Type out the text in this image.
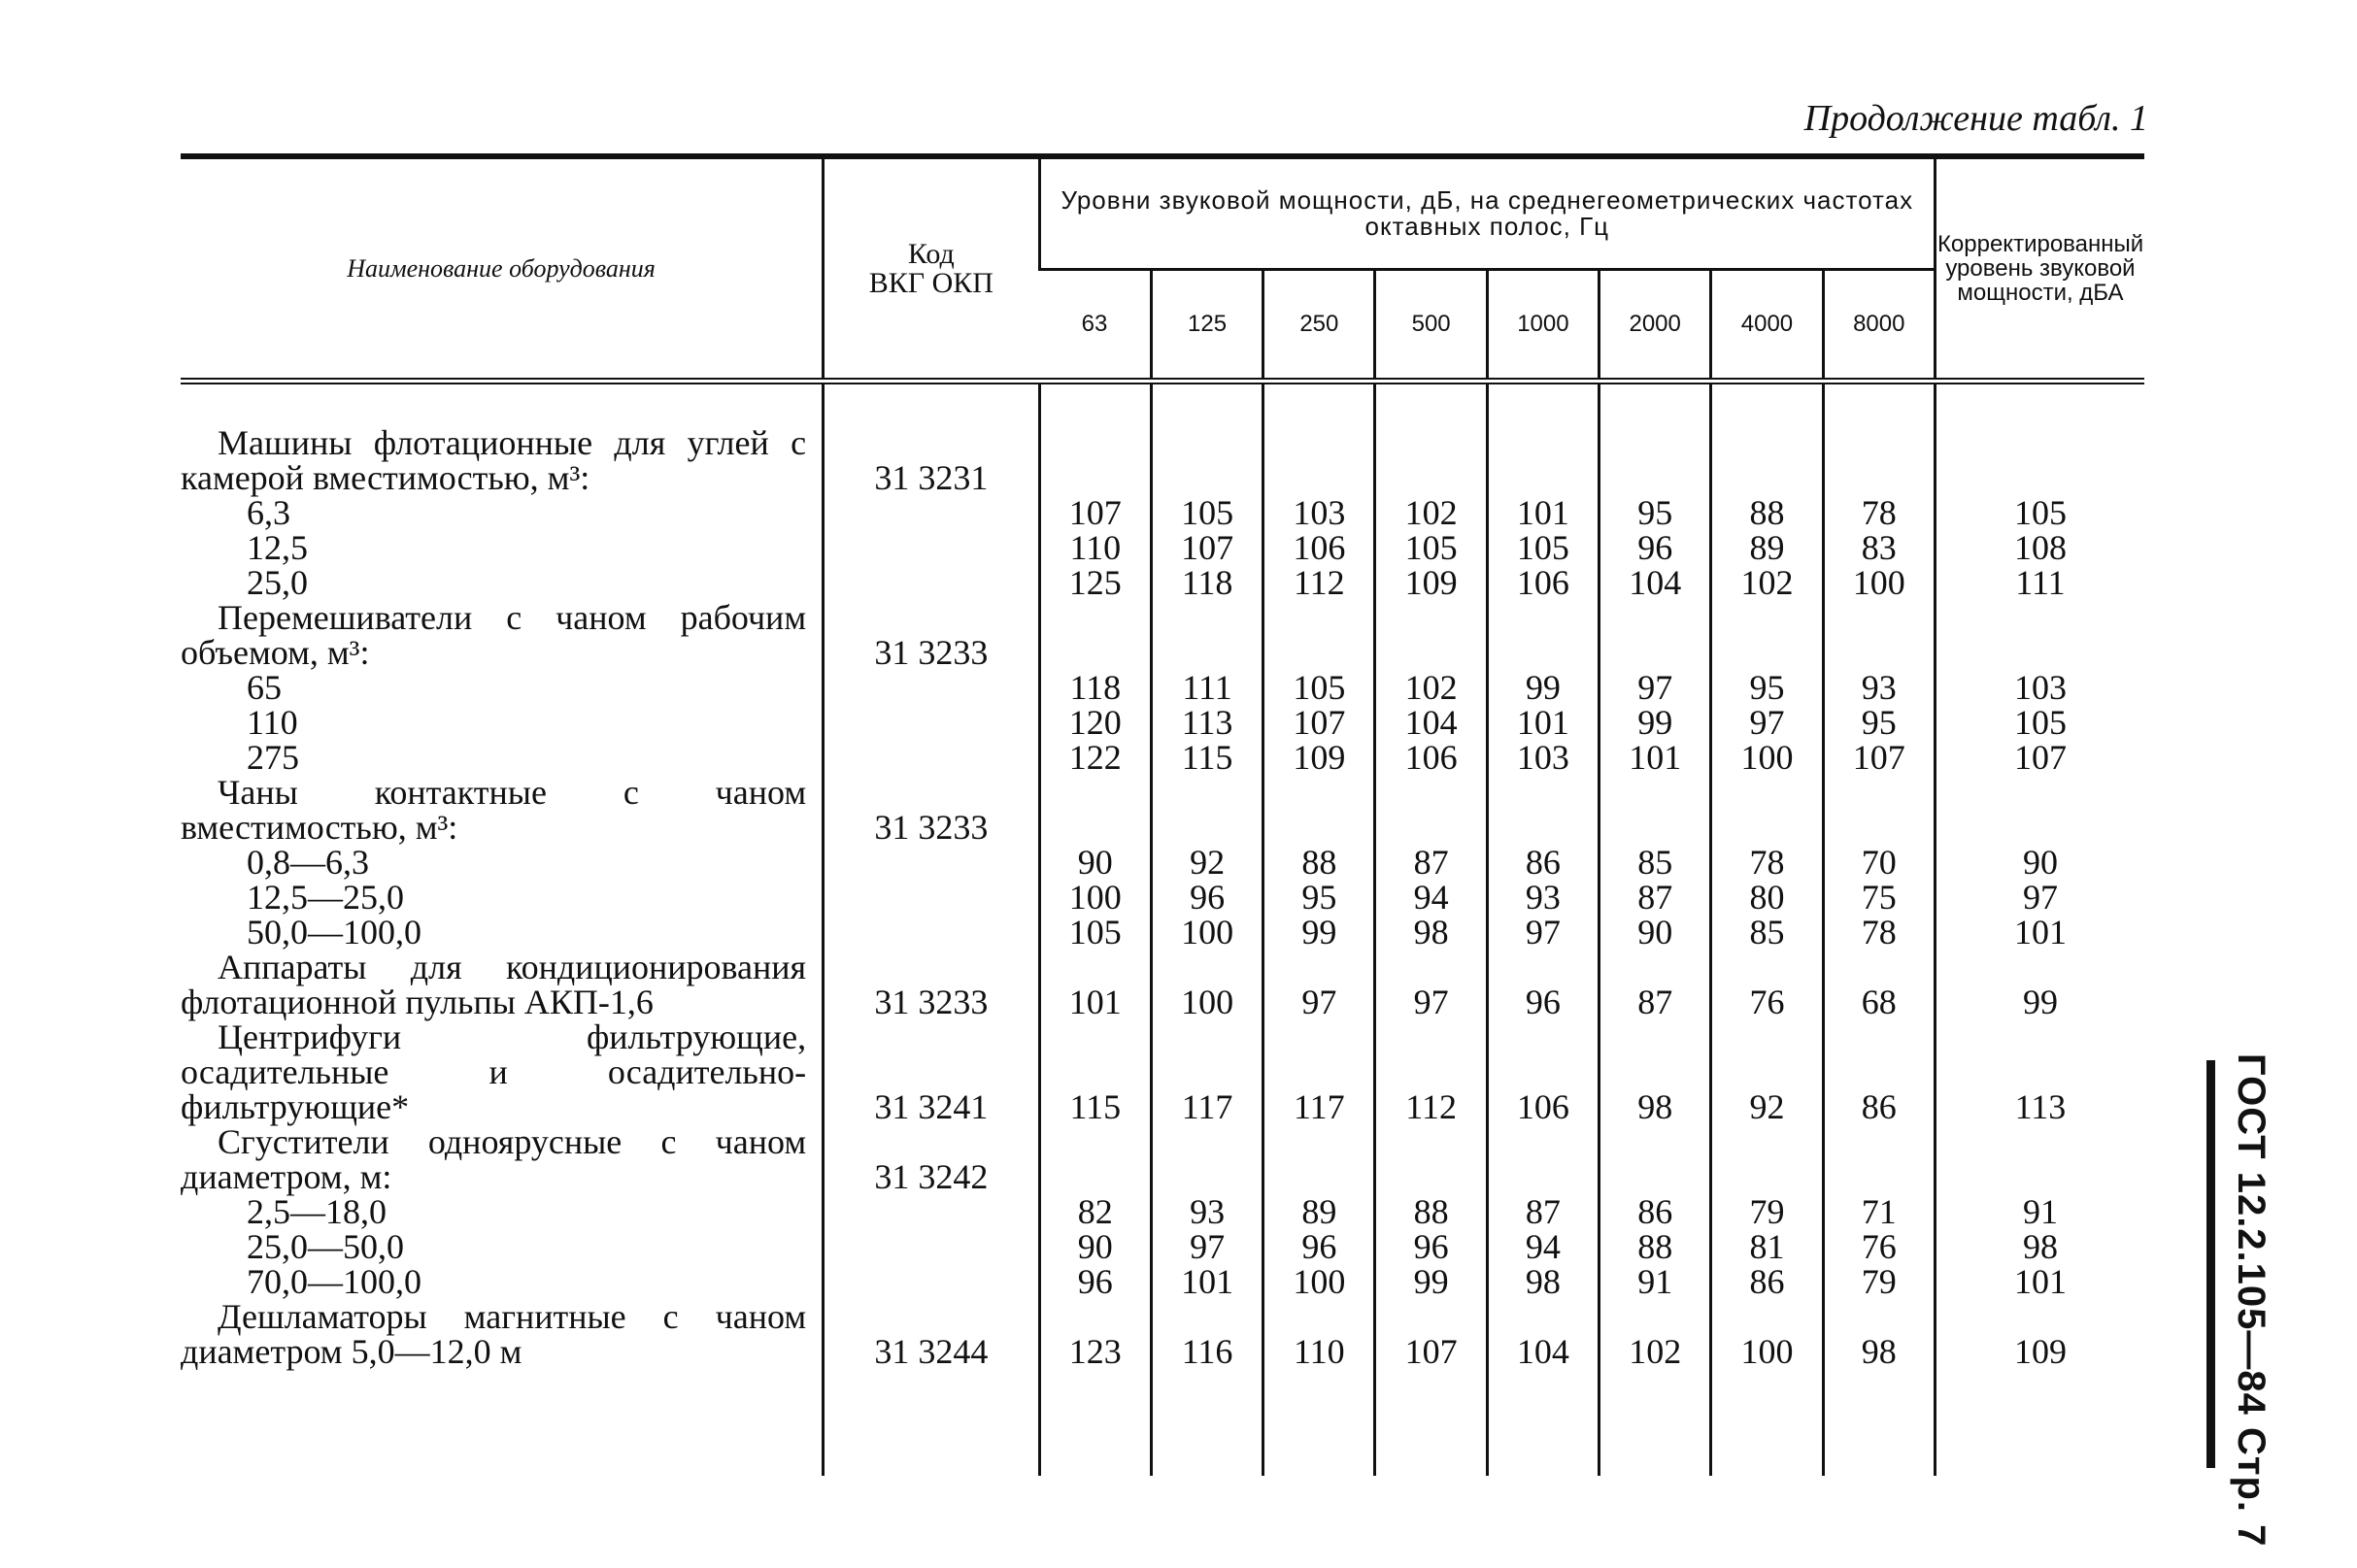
Продолжение табл. 1
ГОСТ 12.2.105—84 Стр. 7
Наименование оборудования	Код
ВКГ ОКП	Уровни звуковой мощности, дБ, на среднегеометрических частотах октавных полос, Гц								Корректированный уровень звуковой мощности, дБА
		63	125	250	500	1000	2000	4000	8000	

Машины флотационные для углей с камерой вместимостью, м³:	31 3231									
6,3		107	105	103	102	101	95	88	78	105
12,5		110	107	106	105	105	96	89	83	108
25,0		125	118	112	109	106	104	102	100	111
Перемешиватели с чаном рабочим объемом, м³:	31 3233									
65		118	111	105	102	99	97	95	93	103
110		120	113	107	104	101	99	97	95	105
275		122	115	109	106	103	101	100	107	107
Чаны контактные с чаном вместимостью, м³:	31 3233									
0,8—6,3		90	92	88	87	86	85	78	70	90
12,5—25,0		100	96	95	94	93	87	80	75	97
50,0—100,0		105	100	99	98	97	90	85	78	101
Аппараты для кондиционирования флотационной пульпы АКП-1,6	31 3233	101	100	97	97	96	87	76	68	99
Центрифуги фильтрующие, осадительные и осадительно-фильтрующие*	31 3241	115	117	117	112	106	98	92	86	113
Сгустители одноярусные с чаном диаметром, м:	31 3242									
2,5—18,0		82	93	89	88	87	86	79	71	91
25,0—50,0		90	97	96	96	94	88	81	76	98
70,0—100,0		96	101	100	99	98	91	86	79	101
Дешламаторы магнитные с чаном диаметром 5,0—12,0 м	31 3244	123	116	110	107	104	102	100	98	109
